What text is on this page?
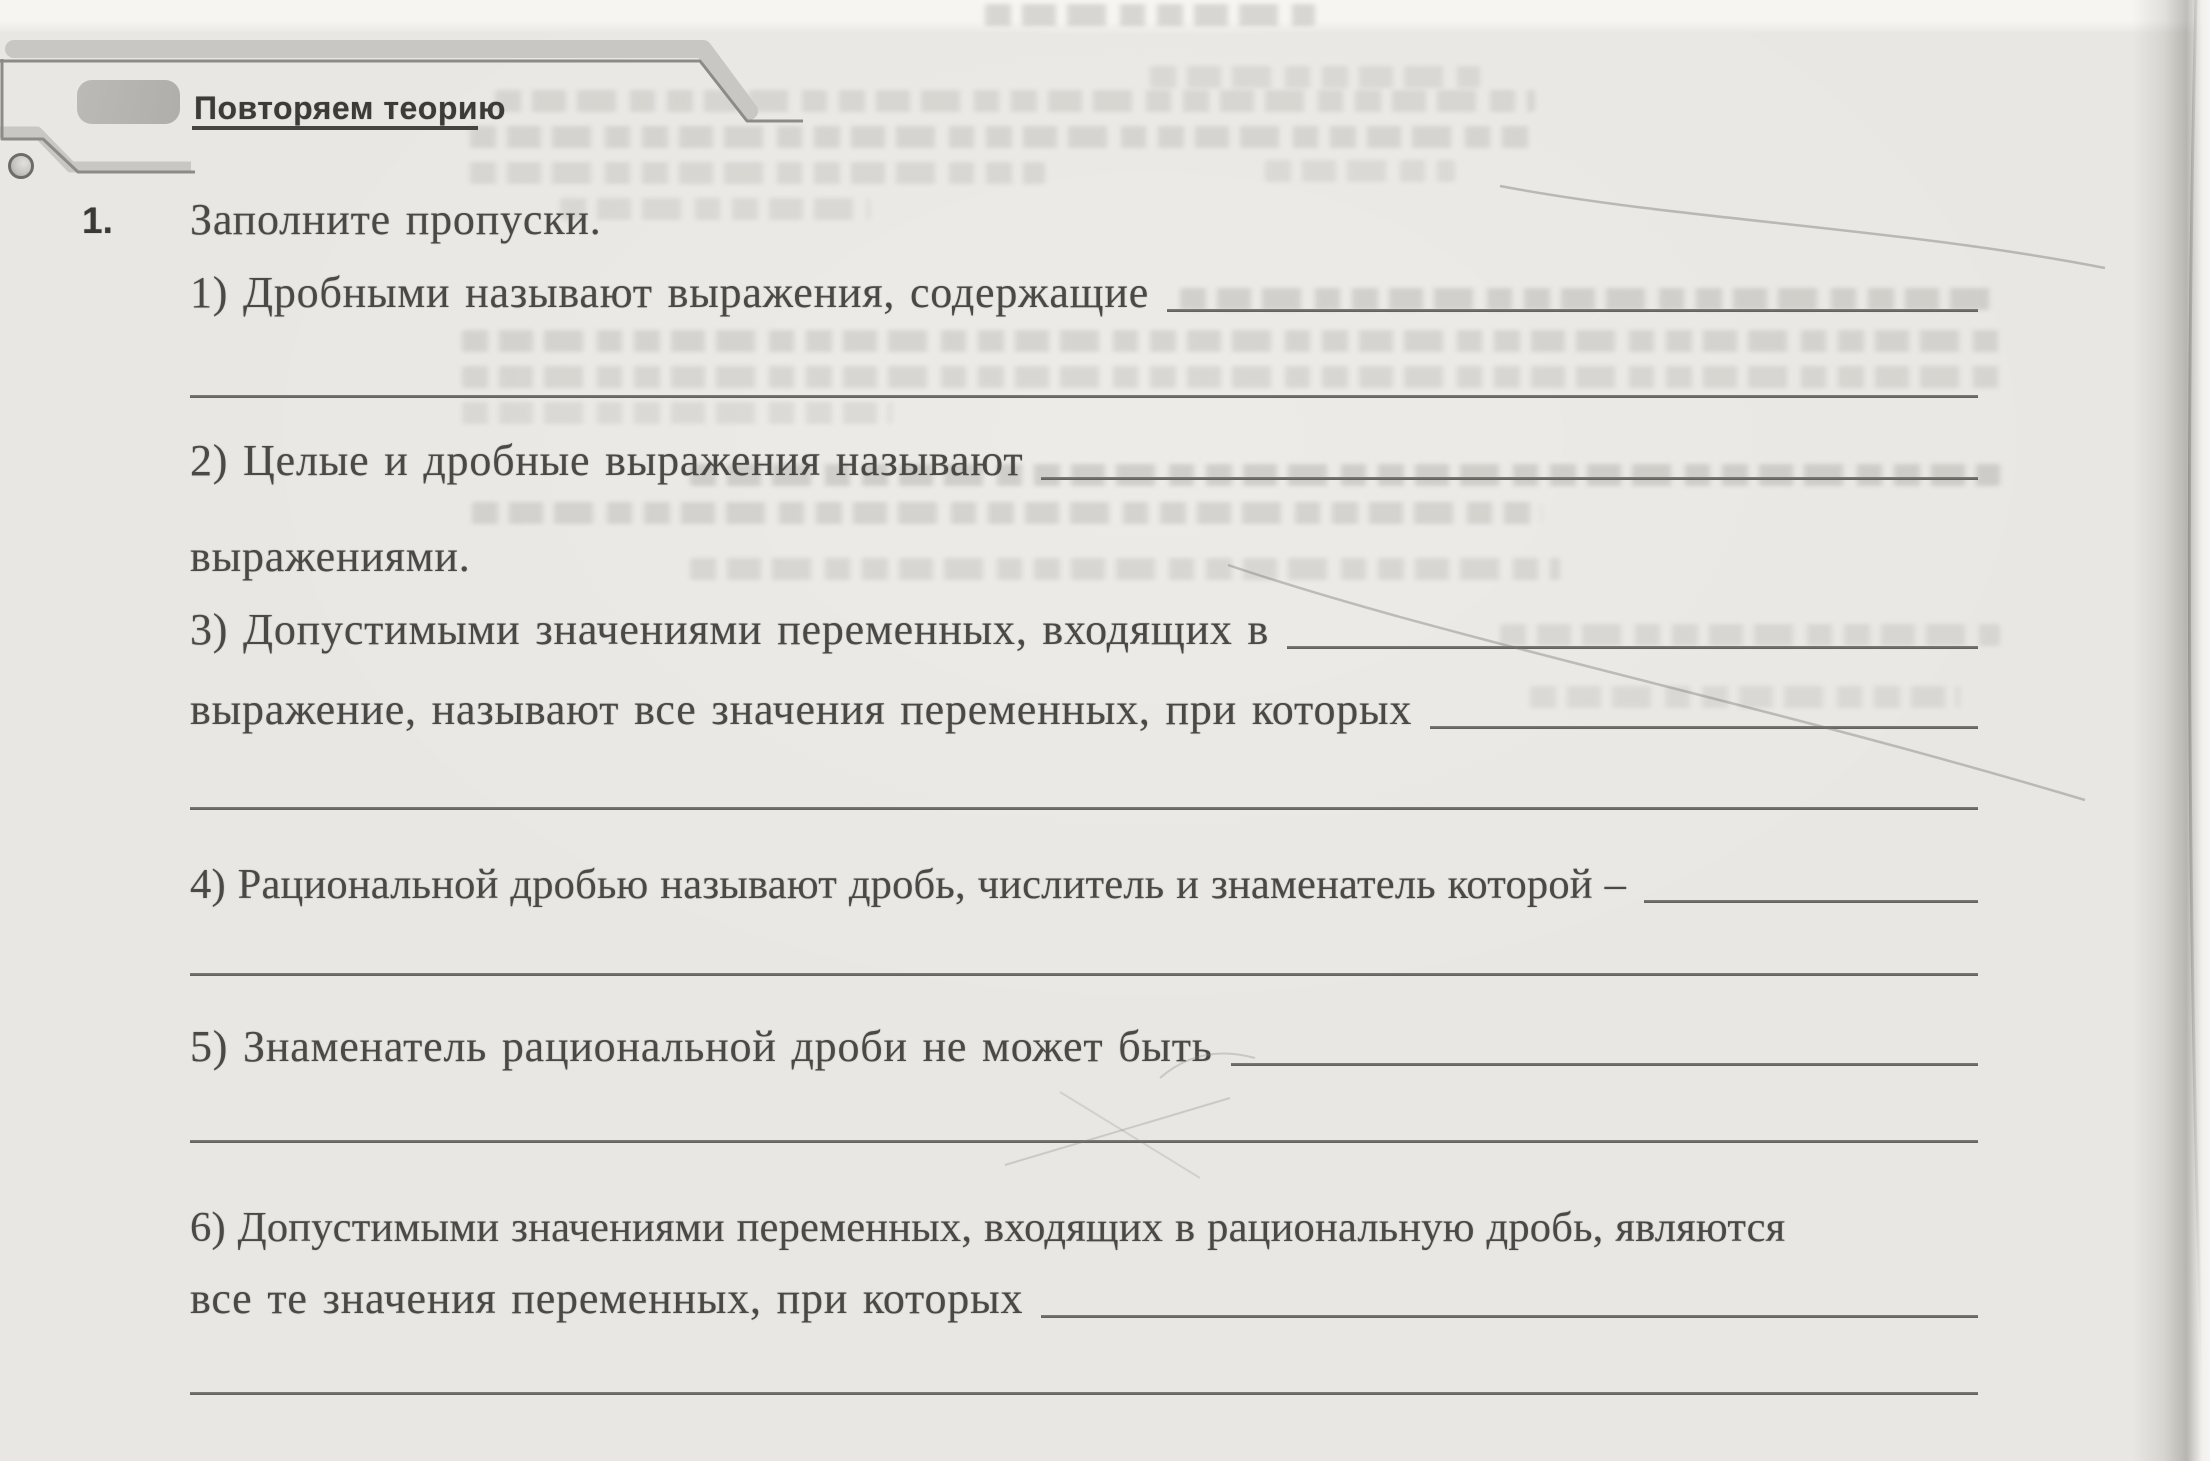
Повторяем теорию
1. Заполните пропуски.
1) Дробными называют выражения, содержащие
2) Целые и дробные выражения называют
выражениями.
3) Допустимыми значениями переменных, входящих в
выражение, называют все значения переменных, при которых
4) Рациональной дробью называют дробь, числитель и знаменатель которой –
5) Знаменатель рациональной дроби не может быть
6) Допустимыми значениями переменных, входящих в рациональную дробь, являются
все те значения переменных, при которых
